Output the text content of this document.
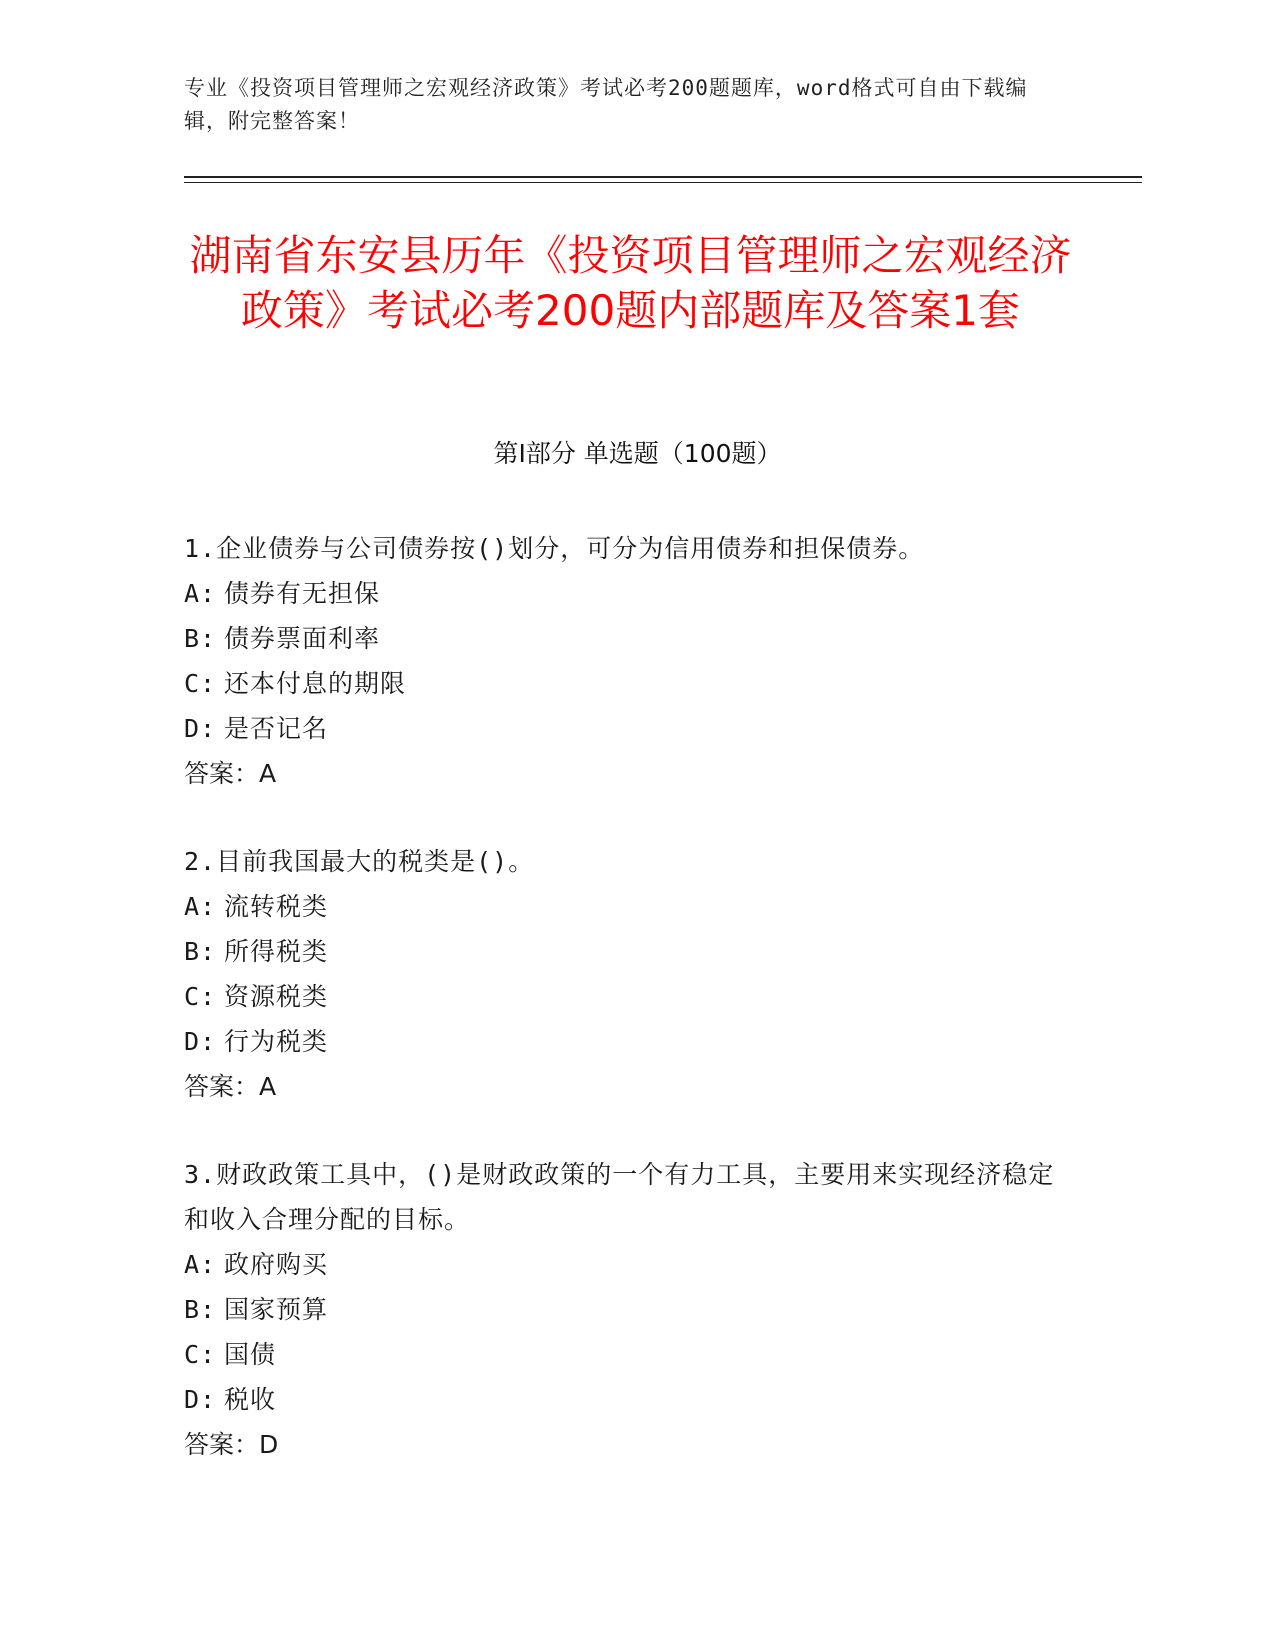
专业《投资项目管理师之宏观经济政策》考试必考200题题库，word格式可自由下载编辑，附完整答案！
湖南省东安县历年《投资项目管理师之宏观经济政策》考试必考200题内部题库及答案1套
第Ⅰ部分 单选题（100题）
1.企业债券与公司债券按()划分，可分为信用债券和担保债券。
A: 债券有无担保
B: 债券票面利率
C: 还本付息的期限
D: 是否记名
答案：A
2.目前我国最大的税类是()。
A: 流转税类
B: 所得税类
C: 资源税类
D: 行为税类
答案：A
3.财政政策工具中，()是财政政策的一个有力工具，主要用来实现经济稳定和收入合理分配的目标。
A: 政府购买
B: 国家预算
C: 国债
D: 税收
答案：D
